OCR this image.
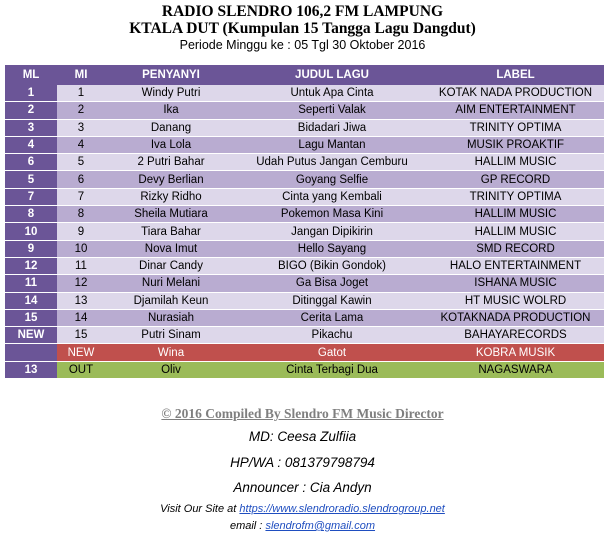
RADIO SLENDRO 106,2 FM LAMPUNG
KTALA DUT (Kumpulan 15 Tangga Lagu Dangdut)
Periode Minggu ke : 05 Tgl 30 Oktober 2016
ML	MI	PENYANYI	JUDUL LAGU	LABEL
1	1	Windy Putri	Untuk Apa Cinta	KOTAK NADA PRODUCTION
2	2	Ika	Seperti Valak	AIM ENTERTAINMENT
3	3	Danang	Bidadari Jiwa	TRINITY OPTIMA
4	4	Iva Lola	Lagu Mantan	MUSIK PROAKTIF
6	5	2 Putri Bahar	Udah Putus Jangan Cemburu	HALLIM MUSIC
5	6	Devy Berlian	Goyang Selfie	GP RECORD
7	7	Rizky Ridho	Cinta yang Kembali	TRINITY OPTIMA
8	8	Sheila Mutiara	Pokemon Masa Kini	HALLIM MUSIC
10	9	Tiara Bahar	Jangan Dipikirin	HALLIM MUSIC
9	10	Nova Imut	Hello Sayang	SMD RECORD
12	11	Dinar Candy	BIGO (Bikin Gondok)	HALO ENTERTAINMENT
11	12	Nuri Melani	Ga Bisa Joget	ISHANA MUSIC
14	13	Djamilah Keun	Ditinggal Kawin	HT MUSIC WOLRD
15	14	Nurasiah	Cerita Lama	KOTAKNADA PRODUCTION
NEW	15	Putri Sinam	Pikachu	BAHAYARECORDS
	NEW	Wina	Gatot	KOBRA MUSIK
13	OUT	Oliv	Cinta Terbagi Dua	NAGASWARA
© 2016 Compiled By Slendro FM Music Director
MD: Ceesa Zulfiia
HP/WA : 081379798794
Announcer : Cia Andyn
Visit Our Site at https://www.slendroradio.slendrogroup.net
email : slendrofm@gmail.com
